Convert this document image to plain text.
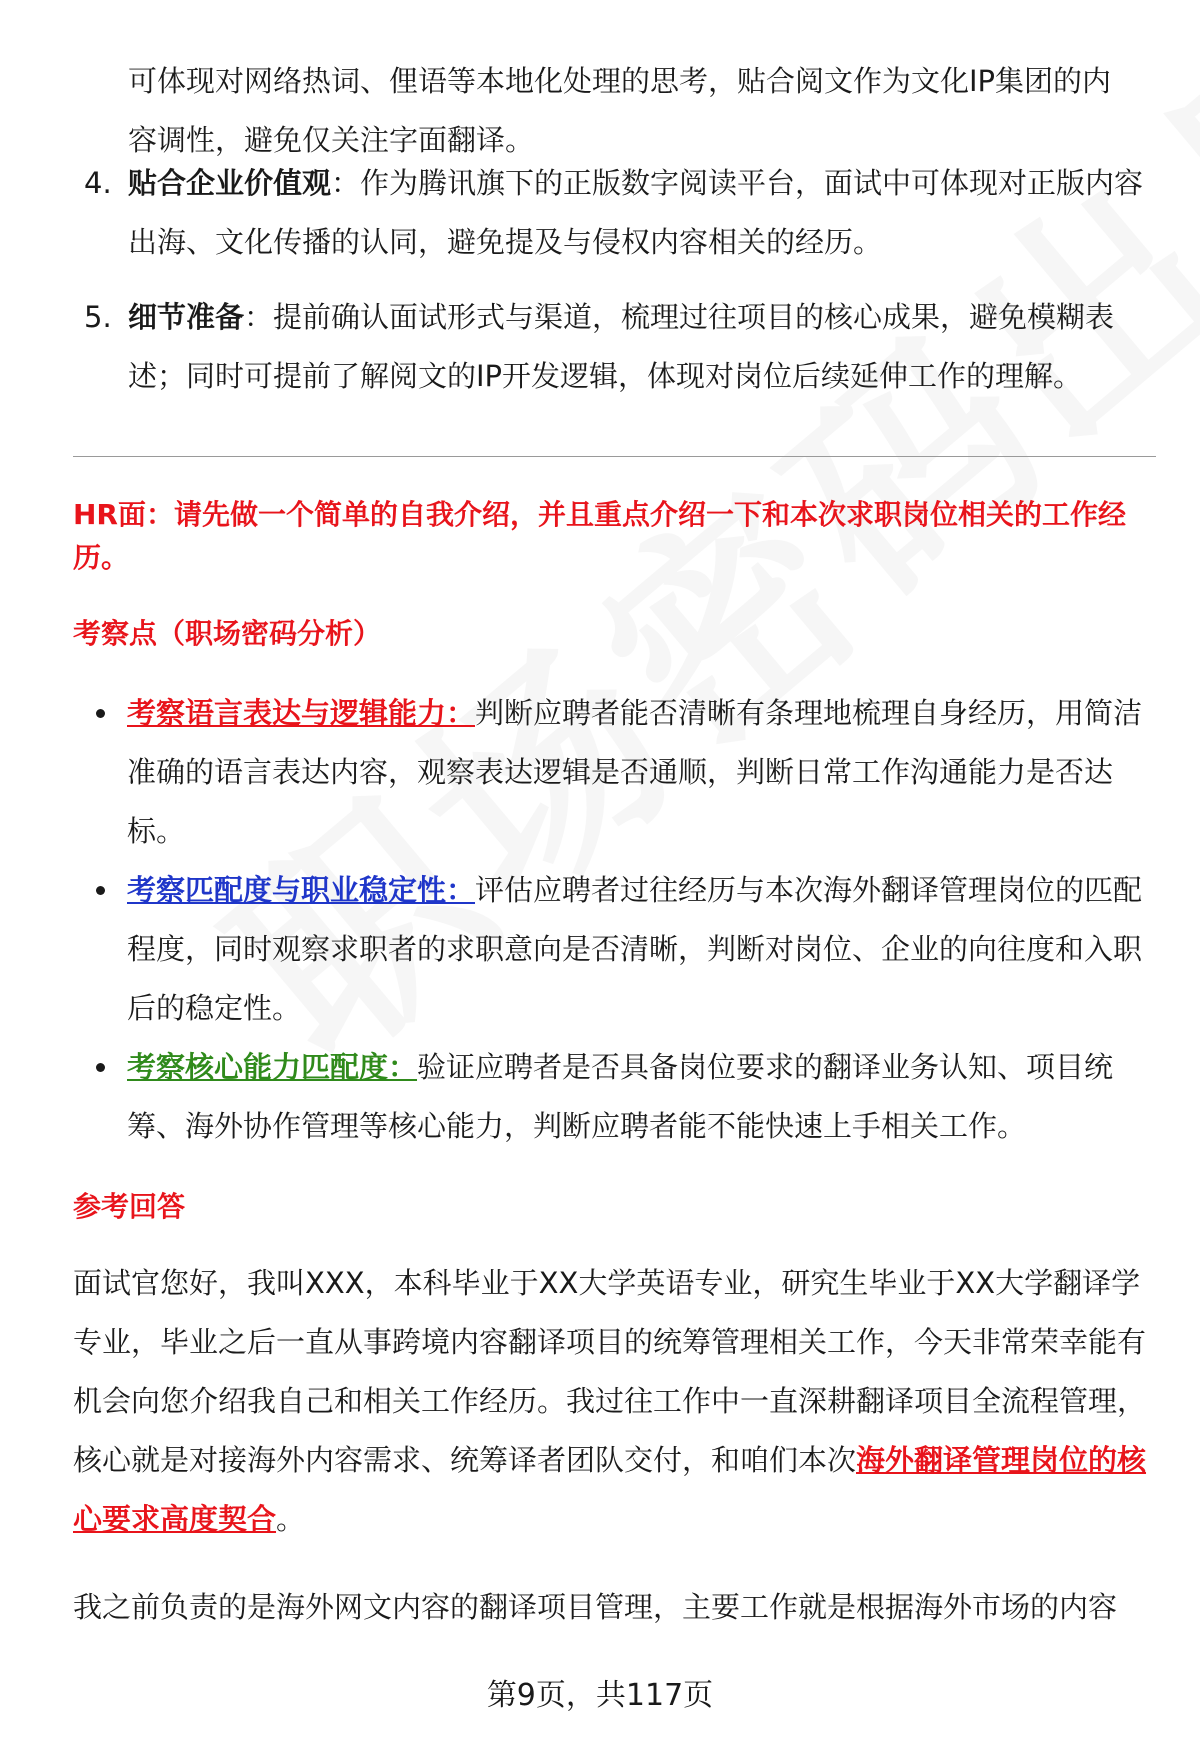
可体现对网络热词、俚语等本地化处理的思考，贴合阅文作为文化IP集团的内容调性，避免仅关注字面翻译。
4. 贴合企业价值观：作为腾讯旗下的正版数字阅读平台，面试中可体现对正版内容出海、文化传播的认同，避免提及与侵权内容相关的经历。
5. 细节准备：提前确认面试形式与渠道，梳理过往项目的核心成果，避免模糊表述；同时可提前了解阅文的IP开发逻辑，体现对岗位后续延伸工作的理解。
HR面：请先做一个简单的自我介绍，并且重点介绍一下和本次求职岗位相关的工作经历。
考察点（职场密码分析）
考察语言表达与逻辑能力：判断应聘者能否清晰有条理地梳理自身经历，用简洁准确的语言表达内容，观察表达逻辑是否通顺，判断日常工作沟通能力是否达标。
考察匹配度与职业稳定性：评估应聘者过往经历与本次海外翻译管理岗位的匹配程度，同时观察求职者的求职意向是否清晰，判断对岗位、企业的向往度和入职后的稳定性。
考察核心能力匹配度：验证应聘者是否具备岗位要求的翻译业务认知、项目统筹、海外协作管理等核心能力，判断应聘者能不能快速上手相关工作。
参考回答
面试官您好，我叫XXX，本科毕业于XX大学英语专业，研究生毕业于XX大学翻译学专业，毕业之后一直从事跨境内容翻译项目的统筹管理相关工作，今天非常荣幸能有机会向您介绍我自己和相关工作经历。我过往工作中一直深耕翻译项目全流程管理，核心就是对接海外内容需求、统筹译者团队交付，和咱们本次海外翻译管理岗位的核心要求高度契合。
我之前负责的是海外网文内容的翻译项目管理，主要工作就是根据海外市场的内容
第9页，共117页
